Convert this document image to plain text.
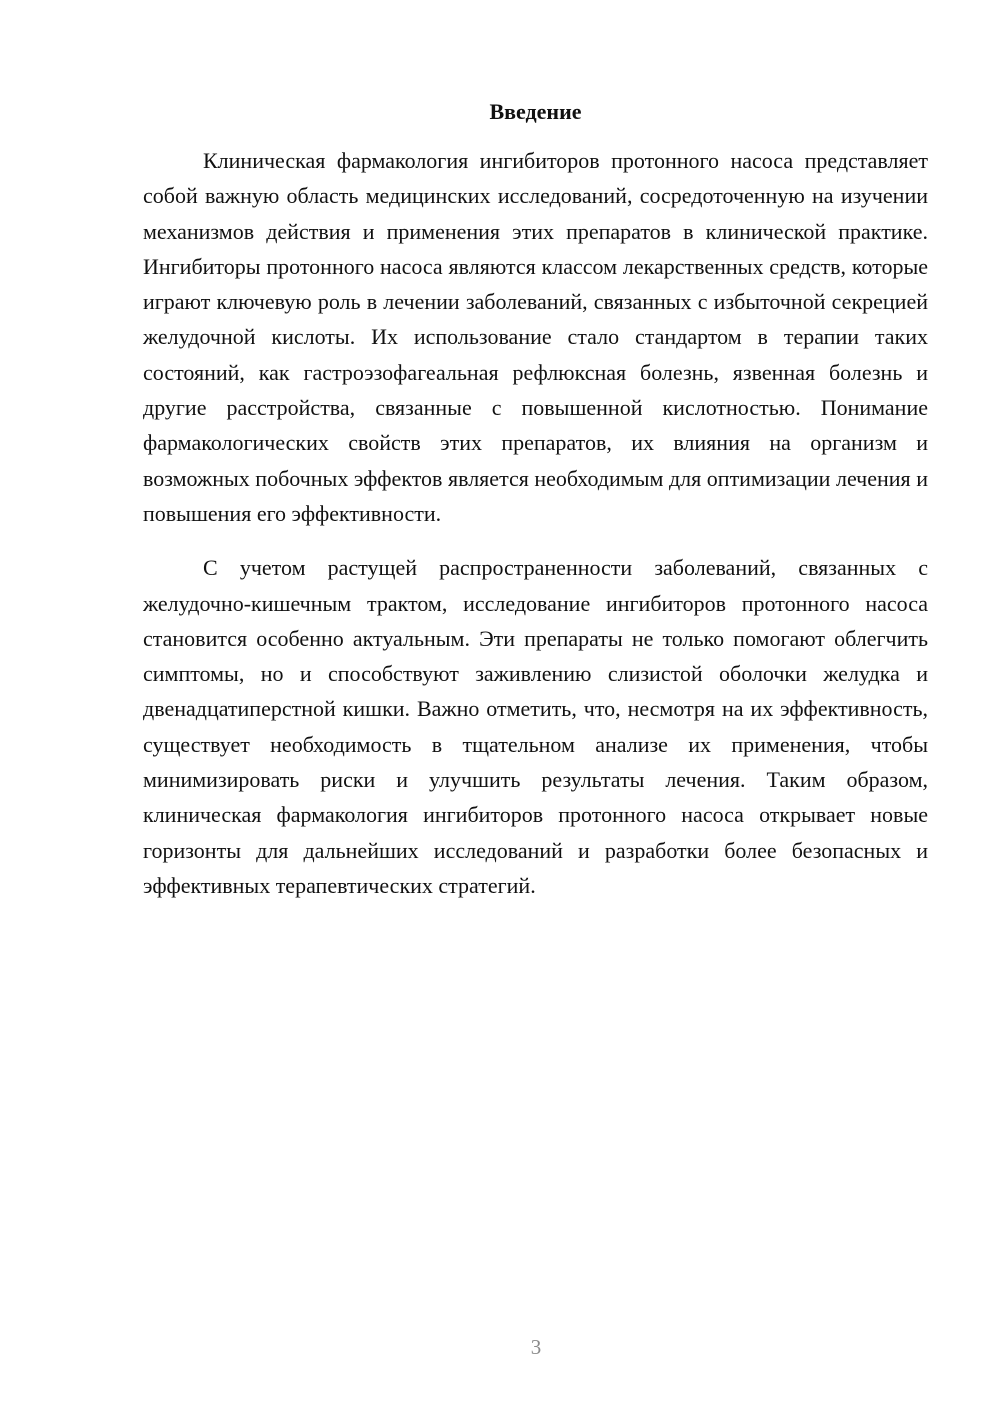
Введение

Клиническая фармакология ингибиторов протонного насоса представляет собой важную область медицинских исследований, сосредоточенную на изучении механизмов действия и применения этих препаратов в клинической практике. Ингибиторы протонного насоса являются классом лекарственных средств, которые играют ключевую роль в лечении заболеваний, связанных с избыточной секрецией желудочной кислоты. Их использование стало стандартом в терапии таких состояний, как гастроэзофагеальная рефлюксная болезнь, язвенная болезнь и другие расстройства, связанные с повышенной кислотностью. Понимание фармакологических свойств этих препаратов, их влияния на организм и возможных побочных эффектов является необходимым для оптимизации лечения и повышения его эффективности.

С учетом растущей распространенности заболеваний, связанных с желудочно-кишечным трактом, исследование ингибиторов протонного насоса становится особенно актуальным. Эти препараты не только помогают облегчить симптомы, но и способствуют заживлению слизистой оболочки желудка и двенадцатиперстной кишки. Важно отметить, что, несмотря на их эффективность, существует необходимость в тщательном анализе их применения, чтобы минимизировать риски и улучшить результаты лечения. Таким образом, клиническая фармакология ингибиторов протонного насоса открывает новые горизонты для дальнейших исследований и разработки более безопасных и эффективных терапевтических стратегий.

3
